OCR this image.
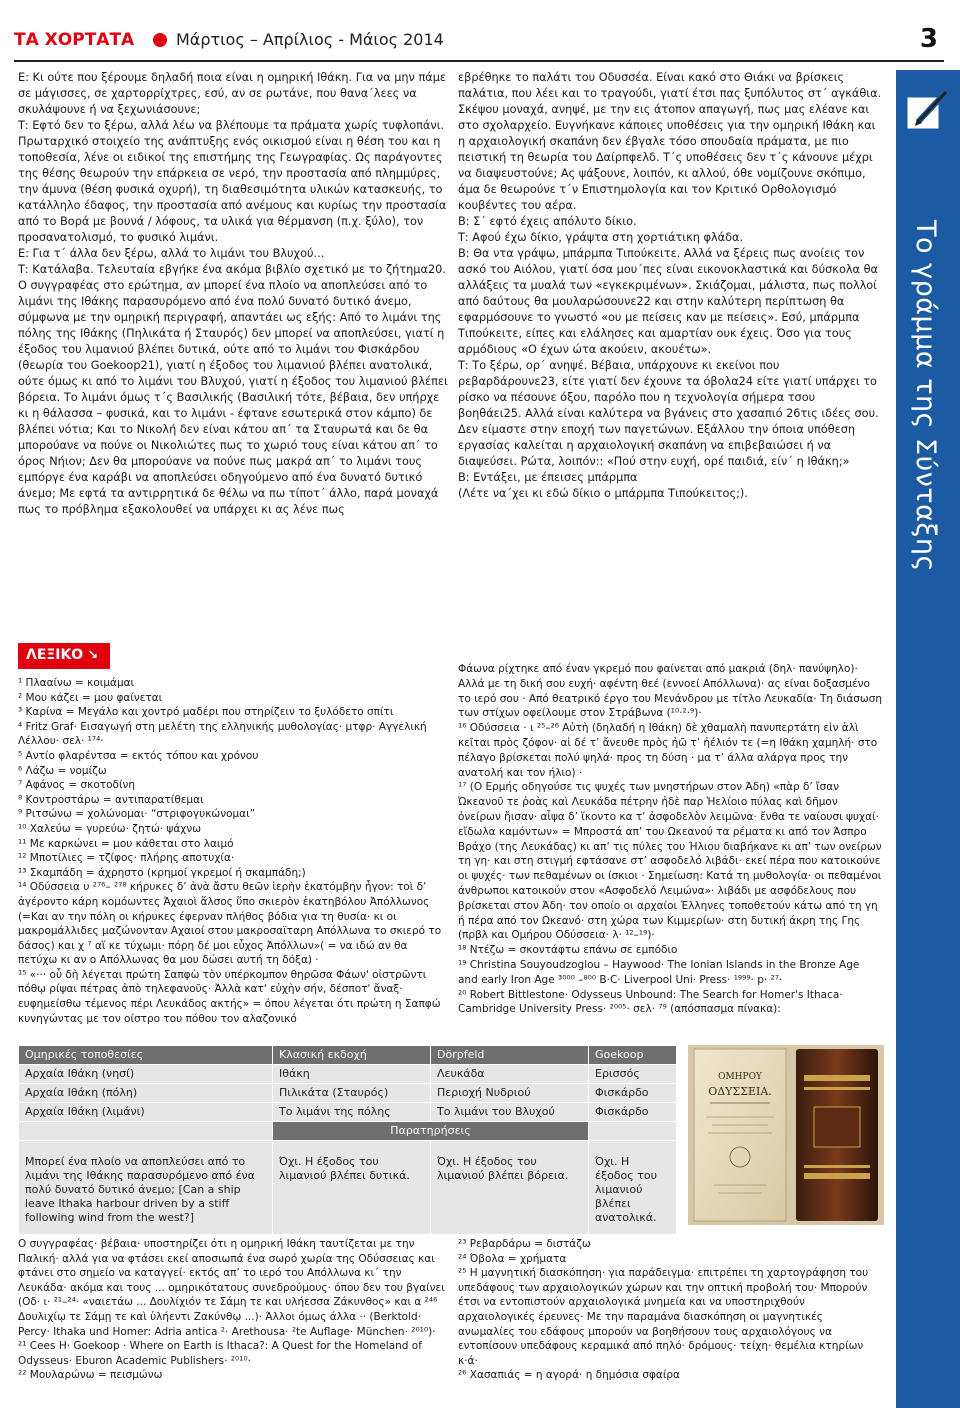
ΤΑ ΧΟΡΤΑΤΑ	Μάρτιος – Απρίλιος - Μάιος 2014	3

Ε: Κι ούτε που ξέρουμε δηλαδή ποια είναι η ομηρική Ιθάκη. Για να μην πάμε σε μάγισσες, σε χαρτορρίχτρες, εσύ, αν σε ρωτάνε, που θανα΄λεες να σκυλάψουνε ή να ξεχωνιάσουνε;

Τ: Εφτό δεν το ξέρω, αλλά λέω να βλέπουμε τα πράματα χωρίς τυφλοπάνι. Πρωταρχικό στοιχείο της ανάπτυξης ενός οικισμού είναι η θέση του και η τοποθεσία, λένε οι ειδικοί της επιστήμης της Γεωγραφίας. Ως παράγοντες της θέσης θεωρούν την επάρκεια σε νερό, την προστασία από πλημμύρες, την άμυνα (θέση φυσικά οχυρή), τη διαθεσιμότητα υλικών κατασκευής, το κατάλληλο έδαφος, την προστασία από ανέμους και κυρίως την προστασία από το Βορά με βουνά / λόφους, τα υλικά για θέρμανση (π.χ. ξύλο), τον προσανατολισμό, το φυσικό λιμάνι.

Ε: Για τ΄ άλλα δεν ξέρω, αλλά το λιμάνι του Βλυχού...

Τ: Κατάλαβα. Τελευταία εβγήκε ένα ακόμα βιβλίο σχετικό με το ζήτημα20. Ο συγγραφέας στο ερώτημα, αν μπορεί ένα πλοίο να αποπλεύσει από το λιμάνι της Ιθάκης παρασυρόμενο από ένα πολύ δυνατό δυτικό άνεμο, σύμφωνα με την ομηρική περιγραφή, απαντάει ως εξής: Από το λιμάνι της πόλης της Ιθάκης (Πηλικάτα ή Σταυρός) δεν μπορεί να αποπλεύσει, γιατί η έξοδος του λιμανιού βλέπει δυτικά, ούτε από το λιμάνι του Φισκάρδου (θεωρία του Goekoop21), γιατί η έξοδος του λιμανιού βλέπει ανατολικά, ούτε όμως κι από το λιμάνι του Βλυχού, γιατί η έξοδος του λιμανιού βλέπει βόρεια. Το λιμάνι όμως τ΄ς Βασιλικής (Βασιλική τότε, βέβαια, δεν υπήρχε κι η θάλασσα – φυσικά, και το λιμάνι - έφτανε εσωτερικά στον κάμπο) δε βλέπει νότια; Και το Νικολή δεν είναι κάτου απ΄ τα Σταυρωτά και δε θα μπορούανε να πούνε οι Νικολιώτες πως το χωριό τους είναι κάτου απ΄ το όρος Νήιον; Δεν θα μπορούανε να πούνε πως μακρά απ΄ το λιμάνι τους εμπόργε ένα καράβι να αποπλεύσει οδηγούμενο από ένα δυνατό δυτικό άνεμο; Με εφτά τα αντιρρητικά δε θέλω να πω τίποτ΄ άλλο, παρά μοναχά πως το πρόβλημα εξακολουθεί να υπάρχει κι ας λένε πως

εβρέθηκε το παλάτι του Οδυσσέα. Είναι κακό στο Θιάκι να βρίσκεις παλάτια, που λέει και το τραγούδι, γιατί έτσι πας ξυπόλυτος στ΄ αγκάθια. Σκέψου μοναχά, ανηψέ, με την εις άτοπον απαγωγή, πως μας ελέανε και στο σχολαρχείο. Ευγνήκανε κάποιες υποθέσεις για την ομηρική Ιθάκη και η αρχαιολογική σκαπάνη δεν έβγαλε τόσο σπουδαία πράματα, με πιο πειστική τη θεωρία του Δαίρπφελδ. Τ΄ς υποθέσεις δεν τ΄ς κάνουνε μέχρι να διαψευστούνε; Ας ψάξουνε, λοιπόν, κι αλλού, όθε νομίζουνε σκόπιμο, άμα δε θεωρούνε τ΄ν Επιστημολογία και τον Κριτικό Ορθολογισμό κουβέντες του αέρα.

Β: Σ΄ εφτό έχεις απόλυτο δίκιο.

Τ: Αφού έχω δίκιο, γράψτα στη χορτιάτικη φλάδα.

Β: Θα ντα γράψω, μπάρμπα Τιπούκειτε. Αλλά να ξέρεις πως ανοίεις τον ασκό του Αιόλου, γιατί όσα μου΄πες είναι εικονοκλαστικά και δύσκολα θα αλλάξεις τα μυαλά των «εγκεκριμένων». Σκιάζομαι, μάλιστα, πως πολλοί από δαύτους θα μουλαρώσουνε22 και στην καλύτερη περίπτωση θα εφαρμόσουνε το γνωστό «ου με πείσεις καν με πείσεις». Εσύ, μπάρμπα Τιπούκειτε, είπες και ελάλησες και αμαρτίαν ουκ έχεις. Όσο για τους αρμόδιους «Ο έχων ώτα ακούειν, ακουέτω».

Τ: Το ξέρω, ορ΄ ανηψέ. Βέβαια, υπάρχουνε κι εκείνοι που ρεβαρδάρουνε23, είτε γιατί δεν έχουνε τα όβολα24 είτε γιατί υπάρχει το ρίσκο να πέσουνε όξου, παρόλο που η τεχνολογία σήμερα τσου βοηθάει25. Αλλά είναι καλύτερα να βγάνεις στο χασαπιό 26τις ιδέες σου. Δεν είμαστε στην εποχή των παγετώνων. Εξάλλου την όποια υπόθεση εργασίας καλείται η αρχαιολογική σκαπάνη να επιβεβαιώσει ή να διαψεύσει. Ρώτα, λοιπόν:: «Πού στην ευχή, ορέ παιδιά, είν΄ η Ιθάκη;»

Β: Εντάξει, με έπεισες μπάρμπα

(Λέτε να΄χει κι εδώ δίκιο ο μπάρμπα Τιπούκειτος;).	Το γράμμα της Σύνταξης
ΛΕΞΙΚΟ ↘

¹ Πλααίνω = κοιμάμαι

² Μου κάζει = μου φαίνεται

³ Καρίνα = Μεγάλο και χοντρό μαδέρι που στηρίζειν το ξυλόδετο σπίτι

⁴ Fritz Graf· Εισαγωγή στη μελέτη της ελληνικής μυθολογίας· μτφρ· Αγγελική Λέλλου· σελ· ¹⁷⁴·

⁵ Αντίο φλαρέντσα = εκτός τόπου και χρόνου

⁶ Λάζω = νομίζω

⁷ Αφάνος = σκοτοδίνη

⁸ Κοντροστάρω = αντιπαρατίθεμαι

⁹ Ριτσώνω = χολώνομαι· “στριφογυκώνομαι”

¹⁰ Χαλεύω = γυρεύω· ζητώ· ψάχνω

¹¹ Με καρκώνει = μου κάθεται στο λαιμό

¹² Μποτίλιες = τζίφος· πλήρης αποτυχία·

¹³ Σκαμπάδη = άχρηστο (κρημοί γκρεμοί ή σκαμπάδη;)

¹⁴ Οδύσσεια υ ²⁷⁶– ²⁷⁸ κήρυκες δ’ ἀνὰ ἄστυ θεῶν ἱερὴν ἑκατόμβην ἦγον: τοὶ δ’ ἀγέροντο κάρη κομόωντες Ἀχαιοὶ ἄλσος ὕπο σκιερὸν ἑκατηβόλου Ἀπόλλωνος (=Και αν την πόλη οι κήρυκες έφερναν πλήθος βόδια για τη θυσία· κι οι μακρομάλλιδες μαζώνονταν Αχαιοί στου μακροσαϊταρη Απόλλωνα το σκιερό το δάσος) και χ ⁷ αἵ κε τύχωμι· πόρη δέ μοι εὖχος Ἀπόλλων»( = να ιδώ αν θα πετύχω κι αν ο Απόλλωνας θα μου δώσει αυτή τη δόξα) ·

¹⁵ «··· οὗ δὴ λέγεται πρώτη Σαπφὼ τὸν υπέρκομπον θηρῶσα Φάων' οἰστρῶντι πόθῳ ρίψαι πέτρας ἀπὸ τηλεφανοῦς· Ἀλλὰ κατ' εὐχὴν σήν, δέσποτ' ἄναξ· ευφημείσθω τέμενος πέρι Λευκάδος ακτής» = όπου λέγεται ότι πρώτη η Σαπφώ κυνηγώντας με τον οίστρο του πόθου τον αλαζονικό

Φάωνα ρίχτηκε από έναν γκρεμό που φαίνεται από μακριά (δηλ· πανύψηλο)· Αλλά με τη δική σου ευχή· αφέντη θεέ (εννοεί Απόλλωνα)· ας είναι δοξασμένο το ιερό σου · Από θεατρικό έργο του Μενάνδρου με τίτλο Λευκαδία· Τη διάσωση των στίχων οφείλουμε στον Στράβωνα (¹⁰·²·⁹)·

¹⁶ Οδύσσεια · ι ²⁵–²⁶ Αὐτὴ (δηλαδή η Ιθάκη) δὲ χθαμαλὴ πανυπερτάτη εἰν ἁλὶ κεῖται πρὸς ζόφον· αἱ δέ τ’ ἄνευθε πρὸς ἠῶ τ’ ἠέλιόν τε (=η Ιθάκη χαμηλή· στο πέλαγο βρίσκεται πολύ ψηλά· προς τη δύση · μα τ’ άλλα αλάργα προς την ανατολή και τον ήλιο) ·

¹⁷ (Ο Ερμής οδηγούσε τις ψυχές των μνηστήρων στον Άδη) «πὰρ δ’ ἴσαν Ὠκεανοῦ τε ῥοὰς καὶ Λευκάδα πέτρην ἠδὲ παρ Ἡελίοιο πύλας καὶ δῆμον ὀνείρων ἤισαν· αἶψα δ’ ἵκοντο κα τ’ ἀσφοδελὸν λειμῶνα· ἔνθα τε ναίουσι ψυχαί· εἴδωλα καμόντων» = Μπροστά απ’ του Ωκεανού τα ρέματα κι από τον Άσπρο Βράχο (της Λευκάδας) κι απ’ τις πύλες του Ήλιου διαβήκανε κι απ’ των ονείρων τη γη· και στη στιγμή εφτάσανε στ’ ασφοδελό λιβάδι· εκεί πέρα που κατοικούνε οι ψυχές· των πεθαμένων οι ίσκιοι · Σημείωση: Κατά τη μυθολογία· οι πεθαμένοι άνθρωποι κατοικούν στον «Ασφοδελό Λειμώνα»· λιβάδι με ασφόδελους που βρίσκεται στον Άδη· τον οποίο οι αρχαίοι Έλληνες τοποθετούν κάτω από τη γη ή πέρα από τον Ωκεανό· στη χώρα των Κιμμερίων· στη δυτική άκρη της Γης (πρβλ και Ομήρου Οδύσσεια· λ· ¹²–¹⁹)·

¹⁸ Ντέζω = σκοντάφτω επάνω σε εμπόδιο

¹⁹ Christina Souyoudzoglou – Haywood· The Ionian Islands in the Bronze Age and early Iron Age ³⁰⁰⁰ –⁸⁰⁰ B·C· Liverpool Uni· Press· ¹⁹⁹⁹· p· ²⁷·

²⁰ Robert Bittlestone· Odysseus Unbound: The Search for Homer's Ithaca· Cambridge University Press· ²⁰⁰⁵· σελ· ⁷⁹ (απόσπασμα πίνακα):

Ομηρικές τοποθεσίες	Κλασική εκδοχή	Dörpfeld	Goekoop
Αρχαία Ιθάκη (νησί)	Ιθάκη	Λευκάδα	Ερισσός
Αρχαία Ιθάκη (πόλη)	Πιλικάτα (Σταυρός)	Περιοχή Νυδριού	Φισκάρδο
Αρχαία Ιθάκη (λιμάνι)	Το λιμάνι της πόλης	Το λιμάνι του Βλυχού	Φισκάρδο
	Παρατηρήσεις		
Μπορεί ένα πλοίο να αποπλεύσει από το λιμάνι της Ιθάκης παρασυρόμενο από ένα πολύ δυνατό δυτικό άνεμο; [Can a ship leave Ithaka harbour driven by a stiff following wind from the west?]	Όχι. Η έξοδος του λιμανιού βλέπει δυτικά.	Όχι. Η έξοδος του λιμανιού βλέπει βόρεια.	Όχι. Η έξοδος του λιμανιού βλέπει ανατολικά.
ΟΜΗΡΟΥ
ΟΔΥΣΣΕΙΑ.

Ο συγγραφέας· βέβαια· υποστηρίζει ότι η ομηρική Ιθάκη ταυτίζεται με την Παλική· αλλά για να φτάσει εκεί αποσιωπά ένα σωρό χωρία της Οδύσσειας και φτάνει στο σημείο να καταγγεί· εκτός απ’ το ιερό του Απόλλωνα κι΄ την Λευκάδα· ακόμα και τους ... ομηρικότατους συνεδρούμους· όπου δεν του βγαίνει (Οδ· ι· ²¹–²⁴· «ναιετάω ... Δουλίχιόν τε Σάμη τε και υλήεσσα Ζάκυνθος» και α ²⁴⁶ Δουλιχίῳ τε Σάμῃ τε καὶ ὑλήεντι Ζακύνθῳ ...)· Άλλοι όμως άλλα ·· (Berktold· Percy· Ithaka und Homer: Adria antica ²· Arethousa· ²te Auflage· München· ²⁰¹⁰)·

²¹ Cees H· Goekoop · Where on Earth is Ithaca?: A Quest for the Homeland of Odysseus· Eburon Academic Publishers· ²⁰¹⁰·

²² Μουλαρώνω = πεισμώνω

²³ Ρεβαρδάρω = διστάζω

²⁴ Όβολα = χρήματα

²⁵ Η μαγνητική διασκόπηση· για παράδειγμα· επιτρέπει τη χαρτογράφηση του υπεδάφους των αρχαιολογικών χώρων και την οπτική προβολή του· Μπορούν έτσι να εντοπιστούν αρχαιολογικά μνημεία και να υποστηριχθούν αρχαιολογικές έρευνες· Με την παραμάνα διασκόπηση οι μαγνητικές ανωμαλίες του εδάφους μπορούν να βοηθήσουν τους αρχαιολόγους να εντοπίσουν υπεδάφους κεραμικά από πηλό· δρόμους· τείχη· θεμέλια κτηρίων κ·ά·

²⁶ Χασαπιάς = η αγορά· η δημόσια σφαίρα
